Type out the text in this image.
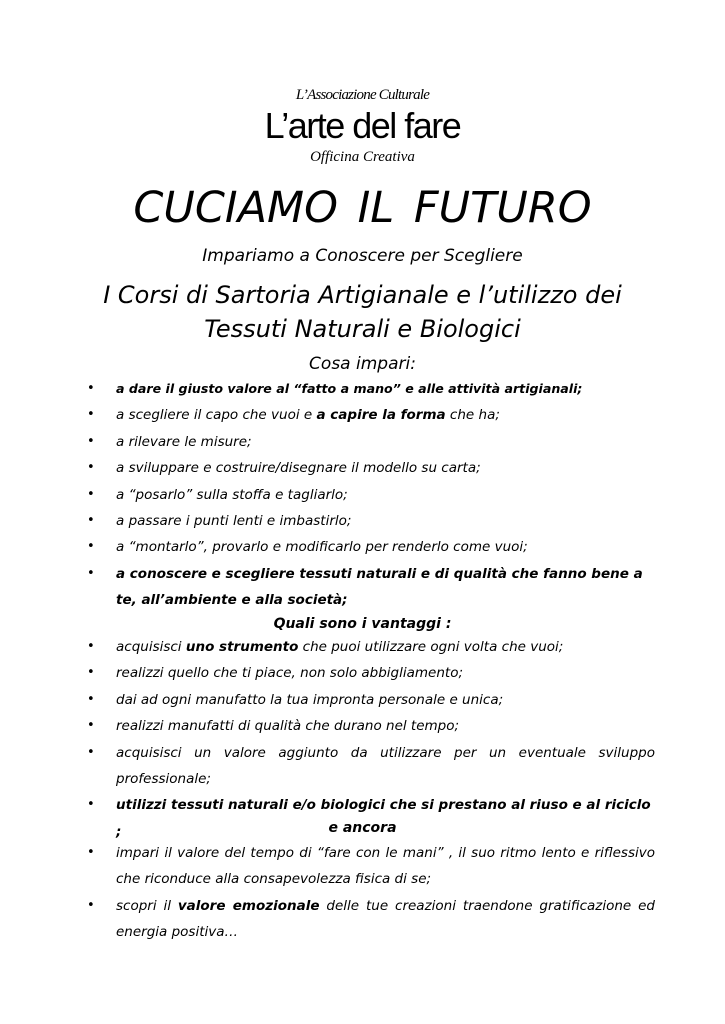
L’Associazione Culturale
L’arte del fare
Officina Creativa
CUCIAMO IL FUTURO
Impariamo a Conoscere per Scegliere
I Corsi di Sartoria Artigianale e l’utilizzo dei
Tessuti Naturali e Biologici
Cosa impari:
• a dare il giusto valore al “fatto a mano” e alle attività artigianali;
• a scegliere il capo che vuoi e a capire la forma che ha;
• a rilevare le misure;
• a sviluppare e costruire/disegnare il modello su carta;
• a “posarlo” sulla stoffa e tagliarlo;
• a passare i punti lenti e imbastirlo;
• a “montarlo”, provarlo e modificarlo per renderlo come vuoi;
• a conoscere e scegliere tessuti naturali e di qualità che fanno bene a te, all’ambiente e alla società;
Quali sono i vantaggi :
• acquisisci uno strumento che puoi utilizzare ogni volta che vuoi;
• realizzi quello che ti piace, non solo abbigliamento;
• dai ad ogni manufatto la tua impronta personale e unica;
• realizzi manufatti di qualità che durano nel tempo;
• acquisisci un valore aggiunto da utilizzare per un eventuale sviluppo professionale;
• utilizzi tessuti naturali e/o biologici che si prestano al riuso e al riciclo ;	e ancora
• impari il valore del tempo di “fare con le mani” , il suo ritmo lento e riflessivo che riconduce alla consapevolezza fisica di se;
• scopri il valore emozionale delle tue creazioni traendone gratificazione ed energia positiva…
